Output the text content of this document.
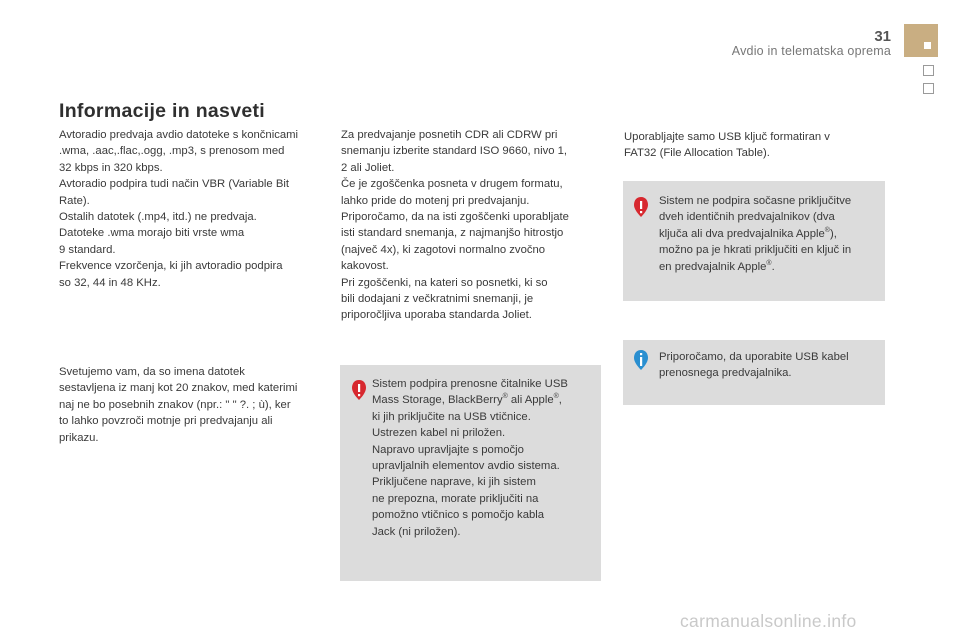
31
Avdio in telematska oprema
Informacije in nasveti

Avtoradio predvaja avdio datoteke s končnicami
.wma, .aac,.flac,.ogg, .mp3, s prenosom med
32 kbps in 320 kbps.
Avtoradio podpira tudi način VBR (Variable Bit
Rate).
Ostalih datotek (.mp4, itd.) ne predvaja.
Datoteke .wma morajo biti vrste wma
9 standard.
Frekvence vzorčenja, ki jih avtoradio podpira
so 32, 44 in 48 KHz.

Svetujemo vam, da so imena datotek
sestavljena iz manj kot 20 znakov, med katerimi
naj ne bo posebnih znakov (npr.: " " ?. ; ù), ker
to lahko povzroči motnje pri predvajanju ali
prikazu.

Za predvajanje posnetih CDR ali CDRW pri
snemanju izberite standard ISO 9660, nivo 1,
2 ali Joliet.
Če je zgoščenka posneta v drugem formatu,
lahko pride do motenj pri predvajanju.
Priporočamo, da na isti zgoščenki uporabljate
isti standard snemanja, z najmanjšo hitrostjo
(največ 4x), ki zagotovi normalno zvočno
kakovost.
Pri zgoščenki, na kateri so posnetki, ki so
bili dodajani z večkratnimi snemanji, je
priporočljiva uporaba standarda Joliet.

Sistem podpira prenosne čitalnike USB
Mass Storage, BlackBerry® ali Apple®,
ki jih priključite na USB vtičnice.
Ustrezen kabel ni priložen.
Napravo upravljajte s pomočjo
upravljalnih elementov avdio sistema.
Priključene naprave, ki jih sistem
ne prepozna, morate priključiti na
pomožno vtičnico s pomočjo kabla
Jack (ni priložen).

Uporabljajte samo USB ključ formatiran v
FAT32 (File Allocation Table).

Sistem ne podpira sočasne priključitve
dveh identičnih predvajalnikov (dva
ključa ali dva predvajalnika Apple®),
možno pa je hkrati priključiti en ključ in
en predvajalnik Apple®.

Priporočamo, da uporabite USB kabel
prenosnega predvajalnika.

carmanualsonline.info
